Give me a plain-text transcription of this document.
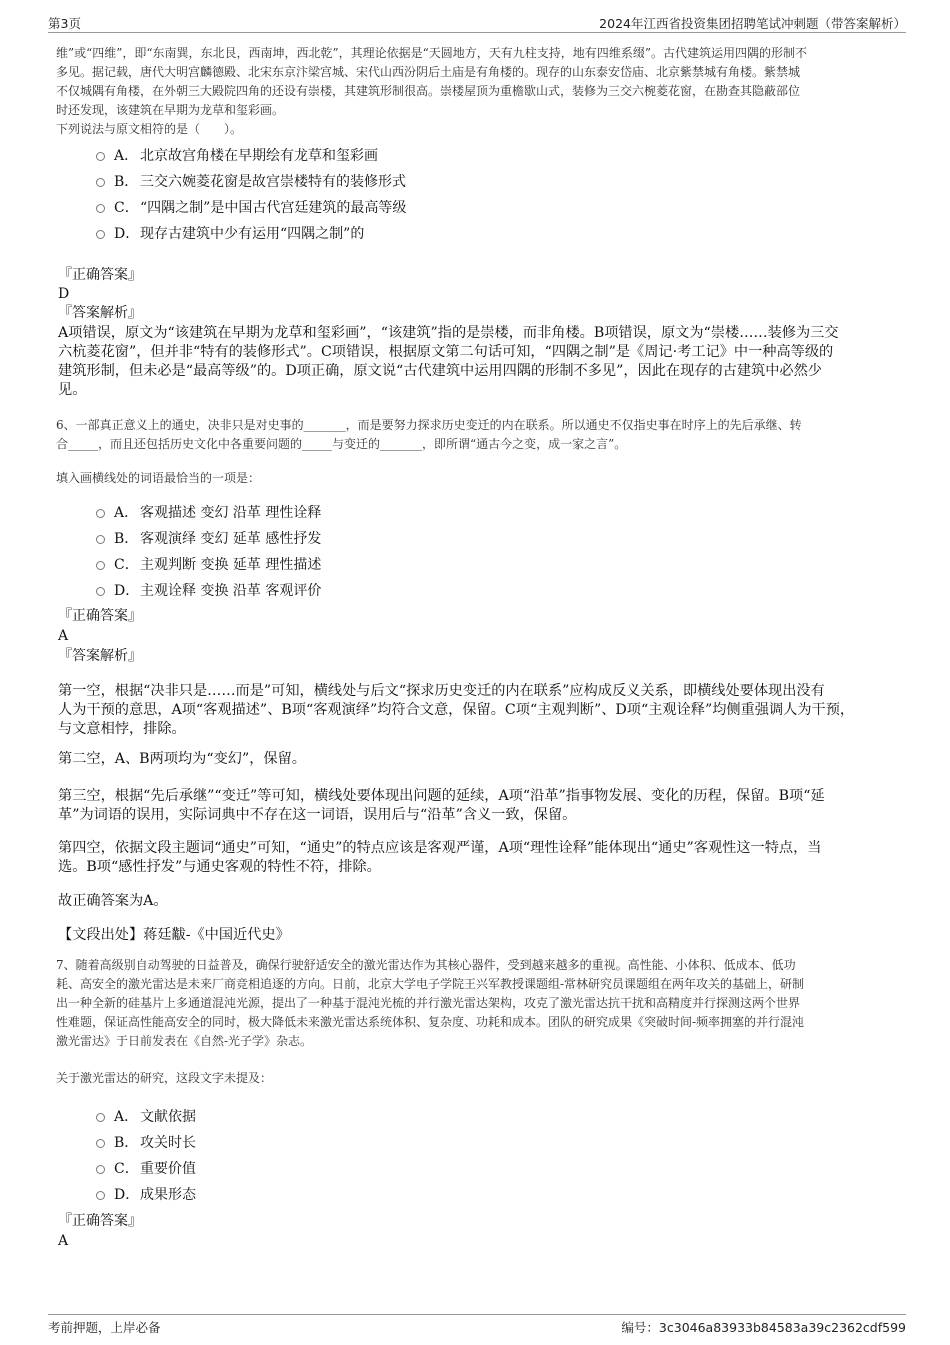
第3页	2024年江西省投资集团招聘笔试冲刺题（带答案解析）
维”或“四维”，即“东南巽，东北艮，西南坤，西北乾”，其理论依据是“天圆地方，天有九柱支持，地有四维系缀”。古代建筑运用四隅的形制不
多见。据记载，唐代大明宫麟德殿、北宋东京汴梁宫城、宋代山西汾阴后土庙是有角楼的。现存的山东泰安岱庙、北京紫禁城有角楼。紫禁城
不仅城隅有角楼，在外朝三大殿院四角的还设有崇楼，其建筑形制很高。崇楼屋顶为重檐歇山式，装修为三交六椀菱花窗，在勘查其隐蔽部位
时还发现，该建筑在早期为龙草和玺彩画。
下列说法与原文相符的是（　　）。
A． 北京故宫角楼在早期绘有龙草和玺彩画
B． 三交六婉菱花窗是故宫崇楼特有的装修形式
C．“四隅之制”是中国古代宫廷建筑的最高等级
D．现存古建筑中少有运用“四隅之制”的
『正确答案』
D
『答案解析』
A项错误，原文为“该建筑在早期为龙草和玺彩画”，“该建筑”指的是崇楼，而非角楼。B项错误，原文为“崇楼……装修为三交
六杭菱花窗”，但并非“特有的装修形式”。C项错误，根据原文第二句话可知，“四隅之制”是《周记·考工记》中一种高等级的
建筑形制，但未必是“最高等级”的。D项正确，原文说“古代建筑中运用四隅的形制不多见”，因此在现存的古建筑中必然少
见。
6、一部真正意义上的通史，决非只是对史事的_______，而是要努力探求历史变迁的内在联系。所以通史不仅指史事在时序上的先后承继、转
合_____，而且还包括历史文化中各重要问题的_____与变迁的_______，即所谓“通古今之变，成一家之言”。
填入画横线处的词语最恰当的一项是：
A． 客观描述 变幻 沿革 理性诠释
B． 客观演绎 变幻 延革 感性抒发
C．主观判断 变换 延革 理性描述
D．主观诠释 变换 沿革 客观评价
『正确答案』
A
『答案解析』
第一空，根据“决非只是……而是”可知，横线处与后文“探求历史变迁的内在联系”应构成反义关系，即横线处要体现出没有
人为干预的意思，A项“客观描述”、B项“客观演绎”均符合文意，保留。C项“主观判断”、D项“主观诠释”均侧重强调人为干预，
与文意相悖，排除。
第二空，A、B两项均为“变幻”，保留。
第三空，根据“先后承继”“变迁”等可知，横线处要体现出问题的延续，A项“沿革”指事物发展、变化的历程，保留。B项“延
革”为词语的误用，实际词典中不存在这一词语，误用后与“沿革”含义一致，保留。
第四空，依据文段主题词“通史”可知，“通史”的特点应该是客观严谨，A项“理性诠释”能体现出“通史”客观性这一特点，当
选。B项“感性抒发”与通史客观的特性不符，排除。
故正确答案为A。
【文段出处】蒋廷黻-《中国近代史》
7、随着高级别自动驾驶的日益普及，确保行驶舒适安全的激光雷达作为其核心器件，受到越来越多的重视。高性能、小体积、低成本、低功
耗、高安全的激光雷达是未来厂商竞相追逐的方向。日前，北京大学电子学院王兴军教授课题组-常林研究员课题组在两年攻关的基础上，研制
出一种全新的硅基片上多通道混沌光源，提出了一种基于混沌光梳的并行激光雷达架构，攻克了激光雷达抗干扰和高精度并行探测这两个世界
性难题，保证高性能高安全的同时，极大降低未来激光雷达系统体积、复杂度、功耗和成本。团队的研究成果《突破时间-频率拥塞的并行混沌
激光雷达》于日前发表在《自然-光子学》杂志。
关于激光雷达的研究，这段文字未提及：
A． 文献依据
B． 攻关时长
C．重要价值
D．成果形态
『正确答案』
A
考前押题，上岸必备	编号：3c3046a83933b84583a39c2362cdf599
